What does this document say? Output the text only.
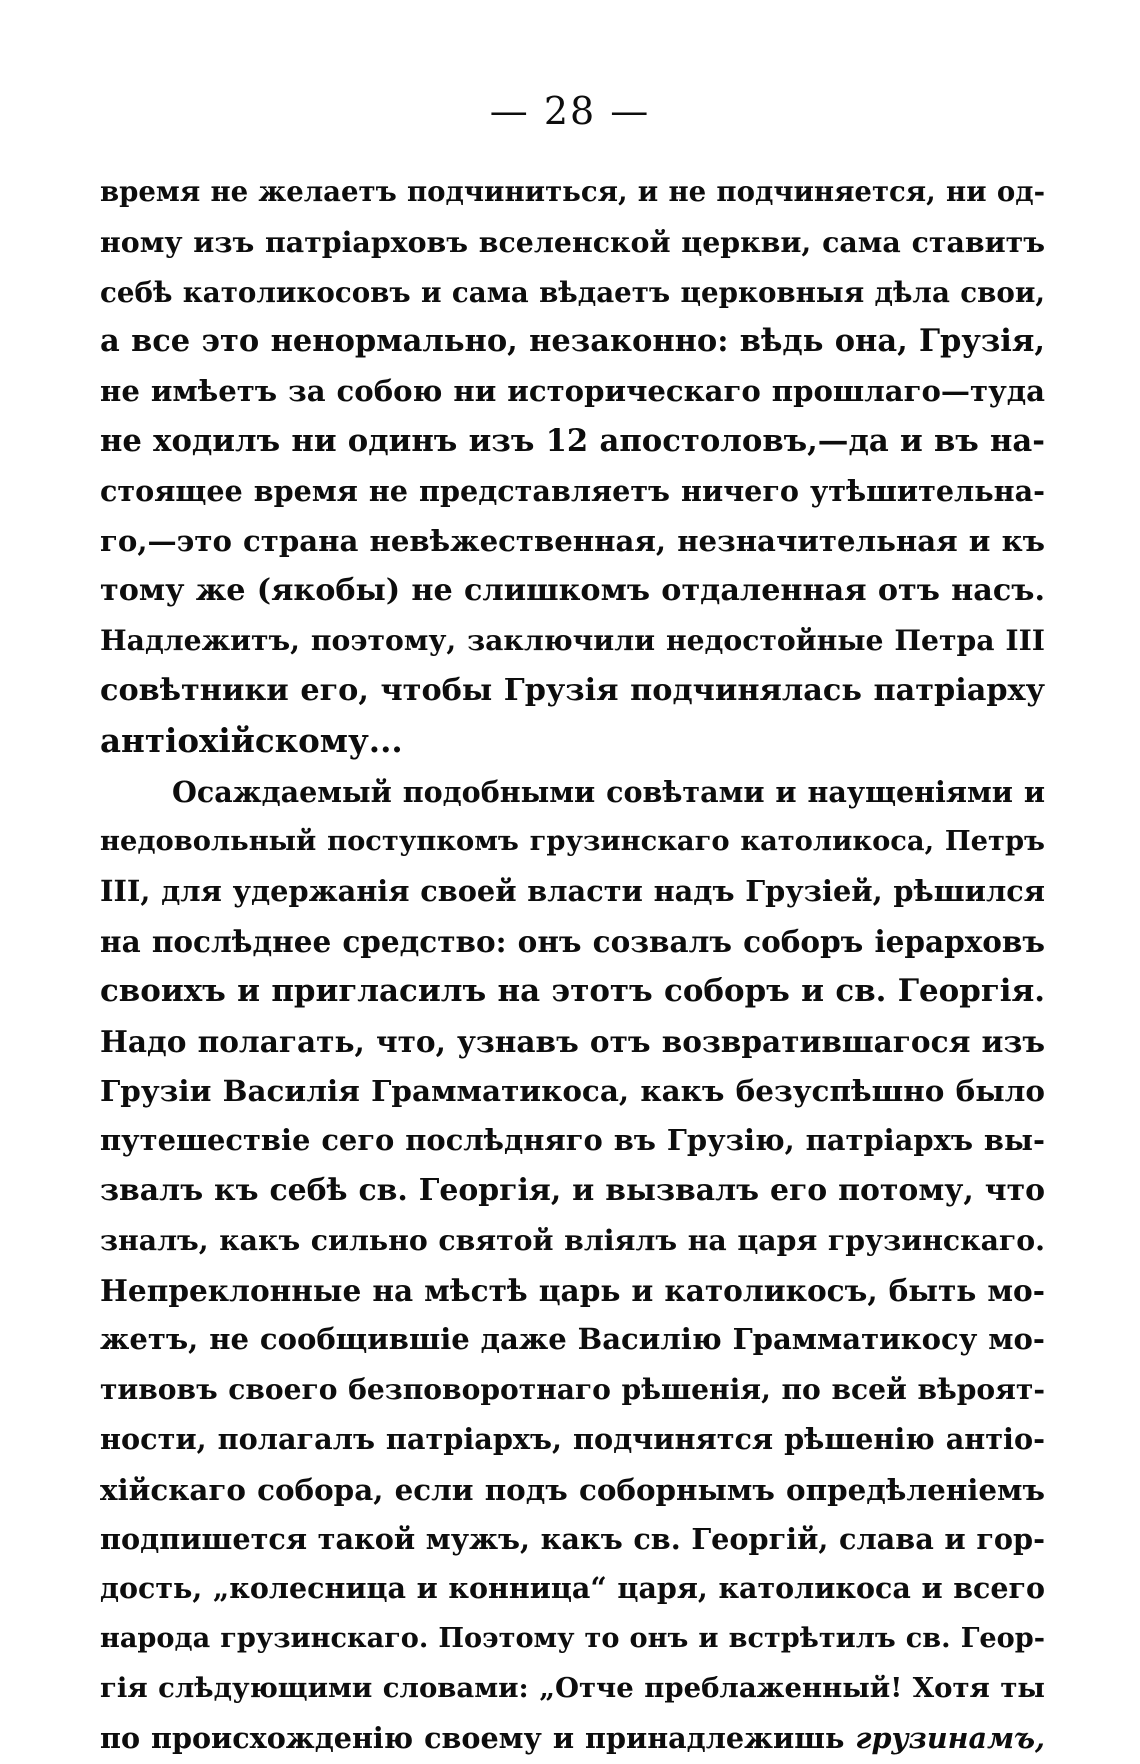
— 28 —
время не желаетъ подчиниться, и не подчиняется, ни од-
ному изъ патріарховъ вселенской церкви, сама ставитъ
себѣ католикосовъ и сама вѣдаетъ церковныя дѣла свои,
а все это ненормально, незаконно: вѣдь она, Грузія,
не имѣетъ за собою ни историческаго прошлаго—туда
не ходилъ ни одинъ изъ 12 апостоловъ,—да и въ на-
стоящее время не представляетъ ничего утѣшительна-
го,—это страна невѣжественная, незначительная и къ
тому же (якобы) не слишкомъ отдаленная отъ насъ.
Надлежитъ, поэтому, заключили недостойные Петра III
совѣтники его, чтобы Грузія подчинялась патріарху
антіохійскому...
Осаждаемый подобными совѣтами и наущеніями и
недовольный поступкомъ грузинскаго католикоса, Петръ
III, для удержанія своей власти надъ Грузіей, рѣшился
на послѣднее средство: онъ созвалъ соборъ іерарховъ
своихъ и пригласилъ на этотъ соборъ и св. Георгія.
Надо полагать, что, узнавъ отъ возвратившагося изъ
Грузіи Василія Грамматикоса, какъ безуспѣшно было
путешествіе сего послѣдняго въ Грузію, патріархъ вы-
звалъ къ себѣ св. Георгія, и вызвалъ его потому, что
зналъ, какъ сильно святой вліялъ на царя грузинскаго.
Непреклонные на мѣстѣ царь и католикосъ, быть мо-
жетъ, не сообщившіе даже Василію Грамматикосу мо-
тивовъ своего безповоротнаго рѣшенія, по всей вѣроят-
ности, полагалъ патріархъ, подчинятся рѣшенію антіо-
хійскаго собора, если подъ соборнымъ опредѣленіемъ
подпишется такой мужъ, какъ св. Георгій, слава и гор-
дость, „колесница и конница“ царя, католикоса и всего
народа грузинскаго. Поэтому то онъ и встрѣтилъ св. Геор-
гія слѣдующими словами: „Отче преблаженный! Хотя ты
по происхожденію своему и принадлежишь грузинамъ,
